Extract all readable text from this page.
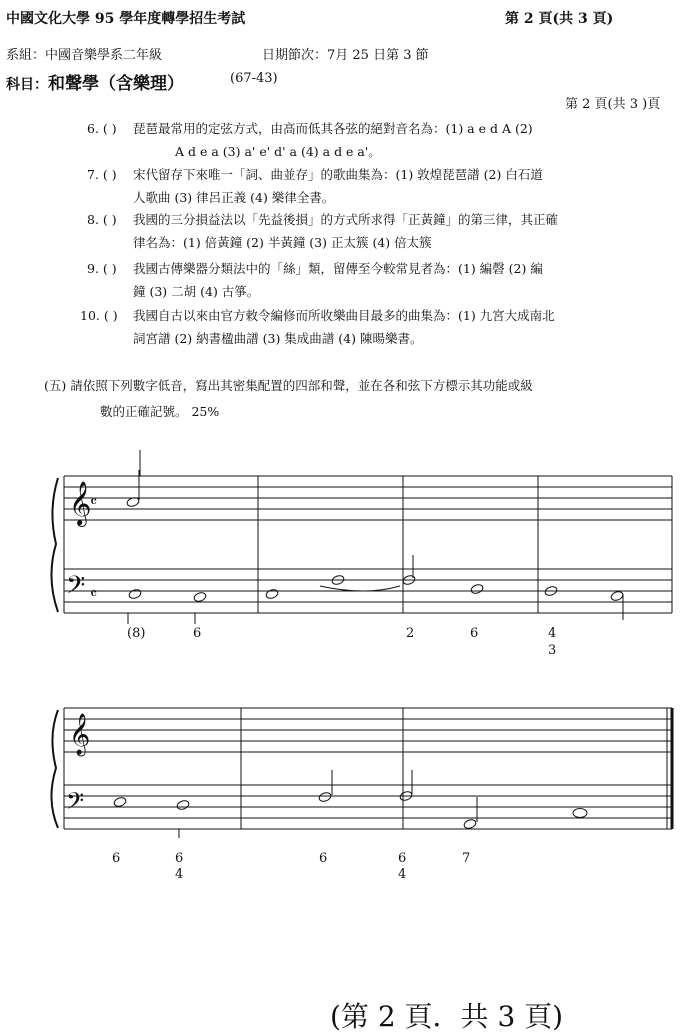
中國文化大學 95 學年度轉學招生考試	第 2 頁(共 3 頁)
系組：中國音樂學系二年級	日期節次：7月 25 日第 3 節
科目：和聲學（含樂理）	(67-43)
第 2 頁(共 3 )頁
6. ( ) 琵琶最常用的定弦方式，由高而低其各弦的絕對音名為：(1) a e d A (2)
A d e a (3) a' e' d' a (4) a d e a'。
7. ( ) 宋代留存下來唯一「詞、曲並存」的歌曲集為：(1) 敦煌琵琶譜 (2) 白石道
人歌曲 (3) 律呂正義 (4) 樂律全書。
8. ( ) 我國的三分損益法以「先益後損」的方式所求得「正黃鐘」的第三律，其正確
律名為：(1) 倍黃鐘 (2) 半黃鐘 (3) 正太簇 (4) 倍太簇
9. ( ) 我國古傳樂器分類法中的「絲」類，留傳至今較常見者為：(1) 編磬 (2) 編
鐘 (3) 二胡 (4) 古箏。
10. ( ) 我國自古以來由官方敕令編修而所收樂曲目最多的曲集為：(1) 九宮大成南北
詞宮譜 (2) 納書楹曲譜 (3) 集成曲譜 (4) 陳暘樂書。
(五) 請依照下列數字低音，寫出其密集配置的四部和聲，並在各和弦下方標示其功能或級
數的正確記號。 25%
𝄞
𝄴
𝄢 𝄴
(8)	6	2	6	4
3
𝄞
𝄢
6	6
4
6	6
4
7
(第 2 頁．共 3 頁)
